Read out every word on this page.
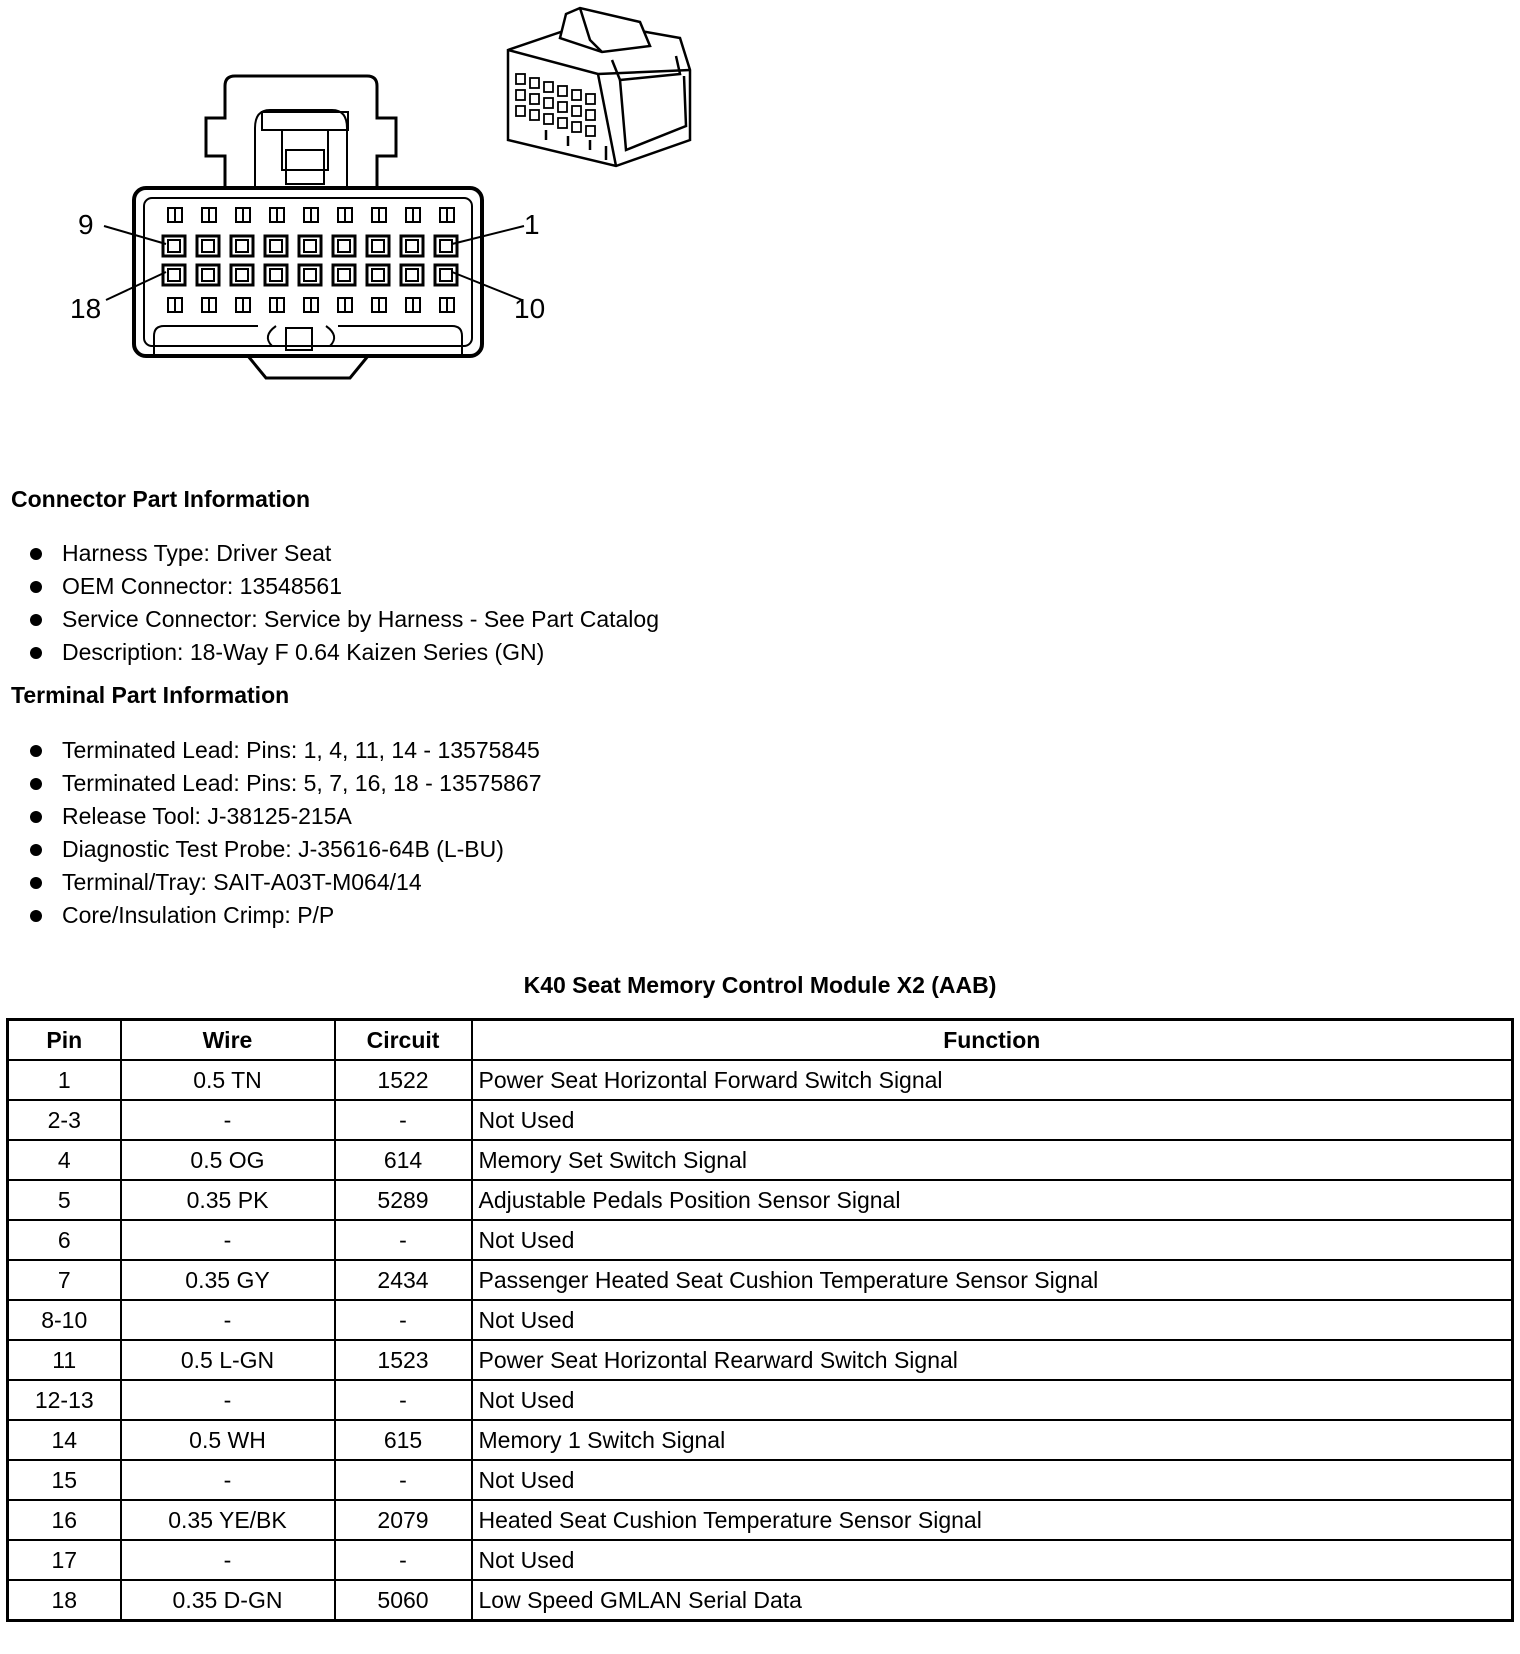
9	1
18	10
Connector Part Information
Harness Type: Driver Seat
OEM Connector: 13548561
Service Connector: Service by Harness - See Part Catalog
Description: 18-Way F 0.64 Kaizen Series (GN)
Terminal Part Information
Terminated Lead: Pins: 1, 4, 11, 14 - 13575845
Terminated Lead: Pins: 5, 7, 16, 18 - 13575867
Release Tool: J-38125-215A
Diagnostic Test Probe: J-35616-64B (L-BU)
Terminal/Tray: SAIT-A03T-M064/14
Core/Insulation Crimp: P/P
K40 Seat Memory Control Module X2 (AAB)
Pin	Wire	Circuit	Function
1	0.5 TN	1522	Power Seat Horizontal Forward Switch Signal
2-3	-	-	Not Used
4	0.5 OG	614	Memory Set Switch Signal
5	0.35 PK	5289	Adjustable Pedals Position Sensor Signal
6	-	-	Not Used
7	0.35 GY	2434	Passenger Heated Seat Cushion Temperature Sensor Signal
8-10	-	-	Not Used
11	0.5 L-GN	1523	Power Seat Horizontal Rearward Switch Signal
12-13	-	-	Not Used
14	0.5 WH	615	Memory 1 Switch Signal
15	-	-	Not Used
16	0.35 YE/BK	2079	Heated Seat Cushion Temperature Sensor Signal
17	-	-	Not Used
18	0.35 D-GN	5060	Low Speed GMLAN Serial Data
